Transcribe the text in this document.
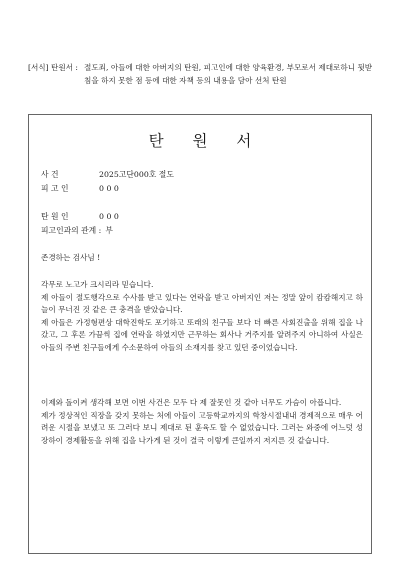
[서식] 탄원서 : 절도죄, 아들에 대한 아버지의 탄원, 피고인에 대한 양육환경, 부모로서 제대로하니 뒷받침을 하지 못한 점 등에 대한 자책 등의 내용을 담아 선처 탄원
탄 원 서
사 건	2025고단000호 절도
피 고 인	0 0 0
탄 원 인	0 0 0
피고인과의 관계 : 부
존경하는 검사님 !

각무로 노고가 크시리라 믿습니다.

제 아들이 절도행각으로 수사를 받고 있다는 연락을 받고 아버지인 저는 정말 앞이 캄캄해지고 하늘이 무너진 것 같은 큰 충격을 받았습니다.

제 아들은 가정형편상 대학진학도 포기하고 또래의 친구들 보다 더 빠른 사회진출을 위해 집을 나갔고, 그 후론 가끔씩 집에 연락을 하였지만 근무하는 회사나 거주지를 알려주지 아니하여 사실은 아들의 주변 친구들에게 수소문하여 아들의 소재지를 찾고 있던 중이었습니다.

이제와 돌이켜 생각해 보면 이번 사건은 모두 다 제 잘못인 것 같아 너무도 가슴이 아픕니다.

제가 정상적인 직장을 갖지 못하는 처에 아들이 고등학교까지의 학창시절내내 경제적으로 매우 어려운 시절을 보냈고 또 그러다 보니 제대로 된 훈육도 할 수 없었습니다. 그러는 와중에 어느덧 성장하이 경제활동을 위해 집을 나가게 된 것이 결국 이렇게 큰일까지 저지른 것 같습니다.
